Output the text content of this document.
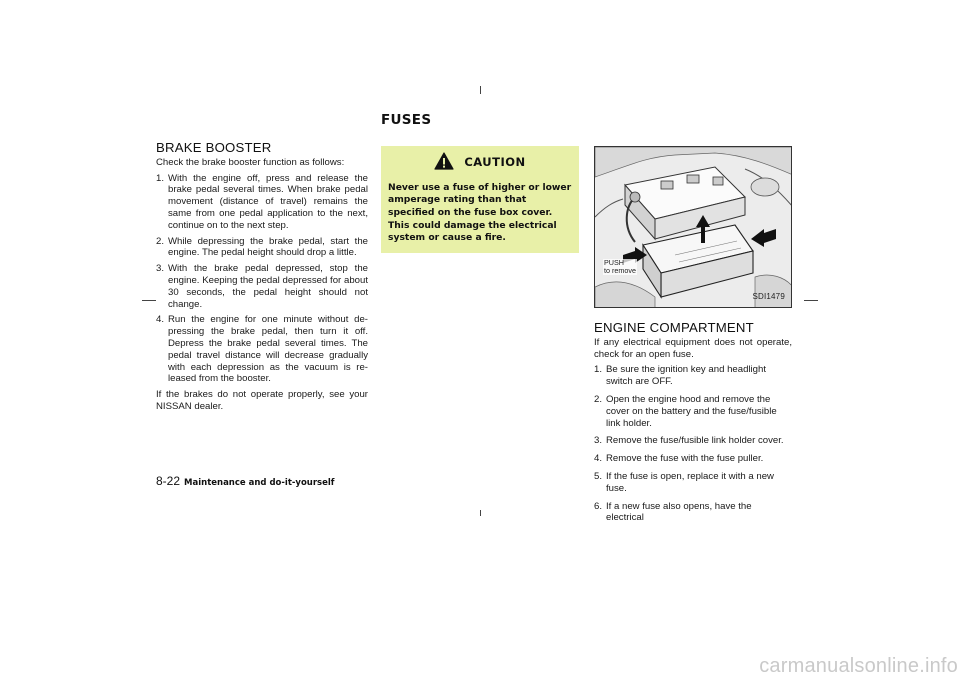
FUSES
BRAKE BOOSTER

Check the brake booster function as follows:

1. With the engine off, press and release the brake pedal several times. When brake pedal movement (distance of travel) remains the same from one pedal application to the next, continue on to the next step.
2. While depressing the brake pedal, start the engine. The pedal height should drop a little.
3. With the brake pedal depressed, stop the engine. Keeping the pedal depressed for about 30 seconds, the pedal height should not change.
4. Run the engine for one minute without de-pressing the brake pedal, then turn it off. Depress the brake pedal several times. The pedal travel distance will decrease gradually with each depression as the vacuum is re-leased from the booster.

If the brakes do not operate properly, see your NISSAN dealer.

CAUTION
Never use a fuse of higher or lower amperage rating than that specified on the fuse box cover. This could damage the electrical system or cause a fire.
PUSH
to remove
SDI1479
ENGINE COMPARTMENT

If any electrical equipment does not operate, check for an open fuse.

1. Be sure the ignition key and headlight switch are OFF.
2. Open the engine hood and remove the cover on the battery and the fuse/fusible link holder.
3. Remove the fuse/fusible link holder cover.
4. Remove the fuse with the fuse puller.
5. If the fuse is open, replace it with a new fuse.
6. If a new fuse also opens, have the electrical
8-22 Maintenance and do-it-yourself
carmanualsonline.info
